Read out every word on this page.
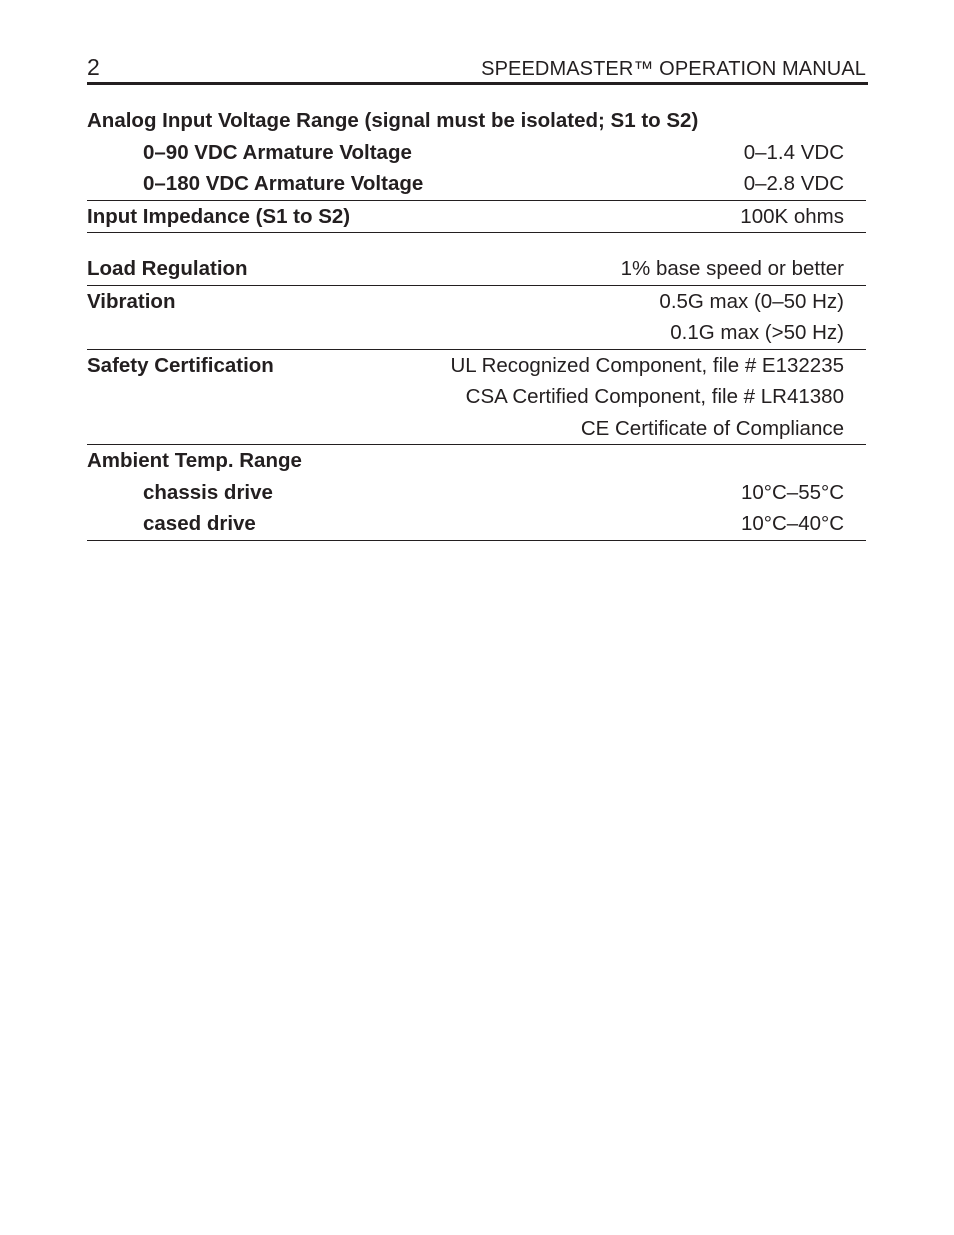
2	SPEEDMASTER™ OPERATION MANUAL
Analog Input Voltage Range (signal must be isolated; S1 to S2)
0–90 VDC Armature Voltage	0–1.4 VDC
0–180 VDC Armature Voltage	0–2.8 VDC
Input Impedance (S1 to S2)	100K ohms
Load Regulation	1% base speed or better
Vibration	0.5G max (0–50 Hz)
0.1G max (>50 Hz)
Safety Certification	UL Recognized Component, file # E132235
CSA Certified Component, file # LR41380
CE Certificate of Compliance
Ambient Temp. Range
chassis drive	10°C–55°C
cased drive	10°C–40°C
